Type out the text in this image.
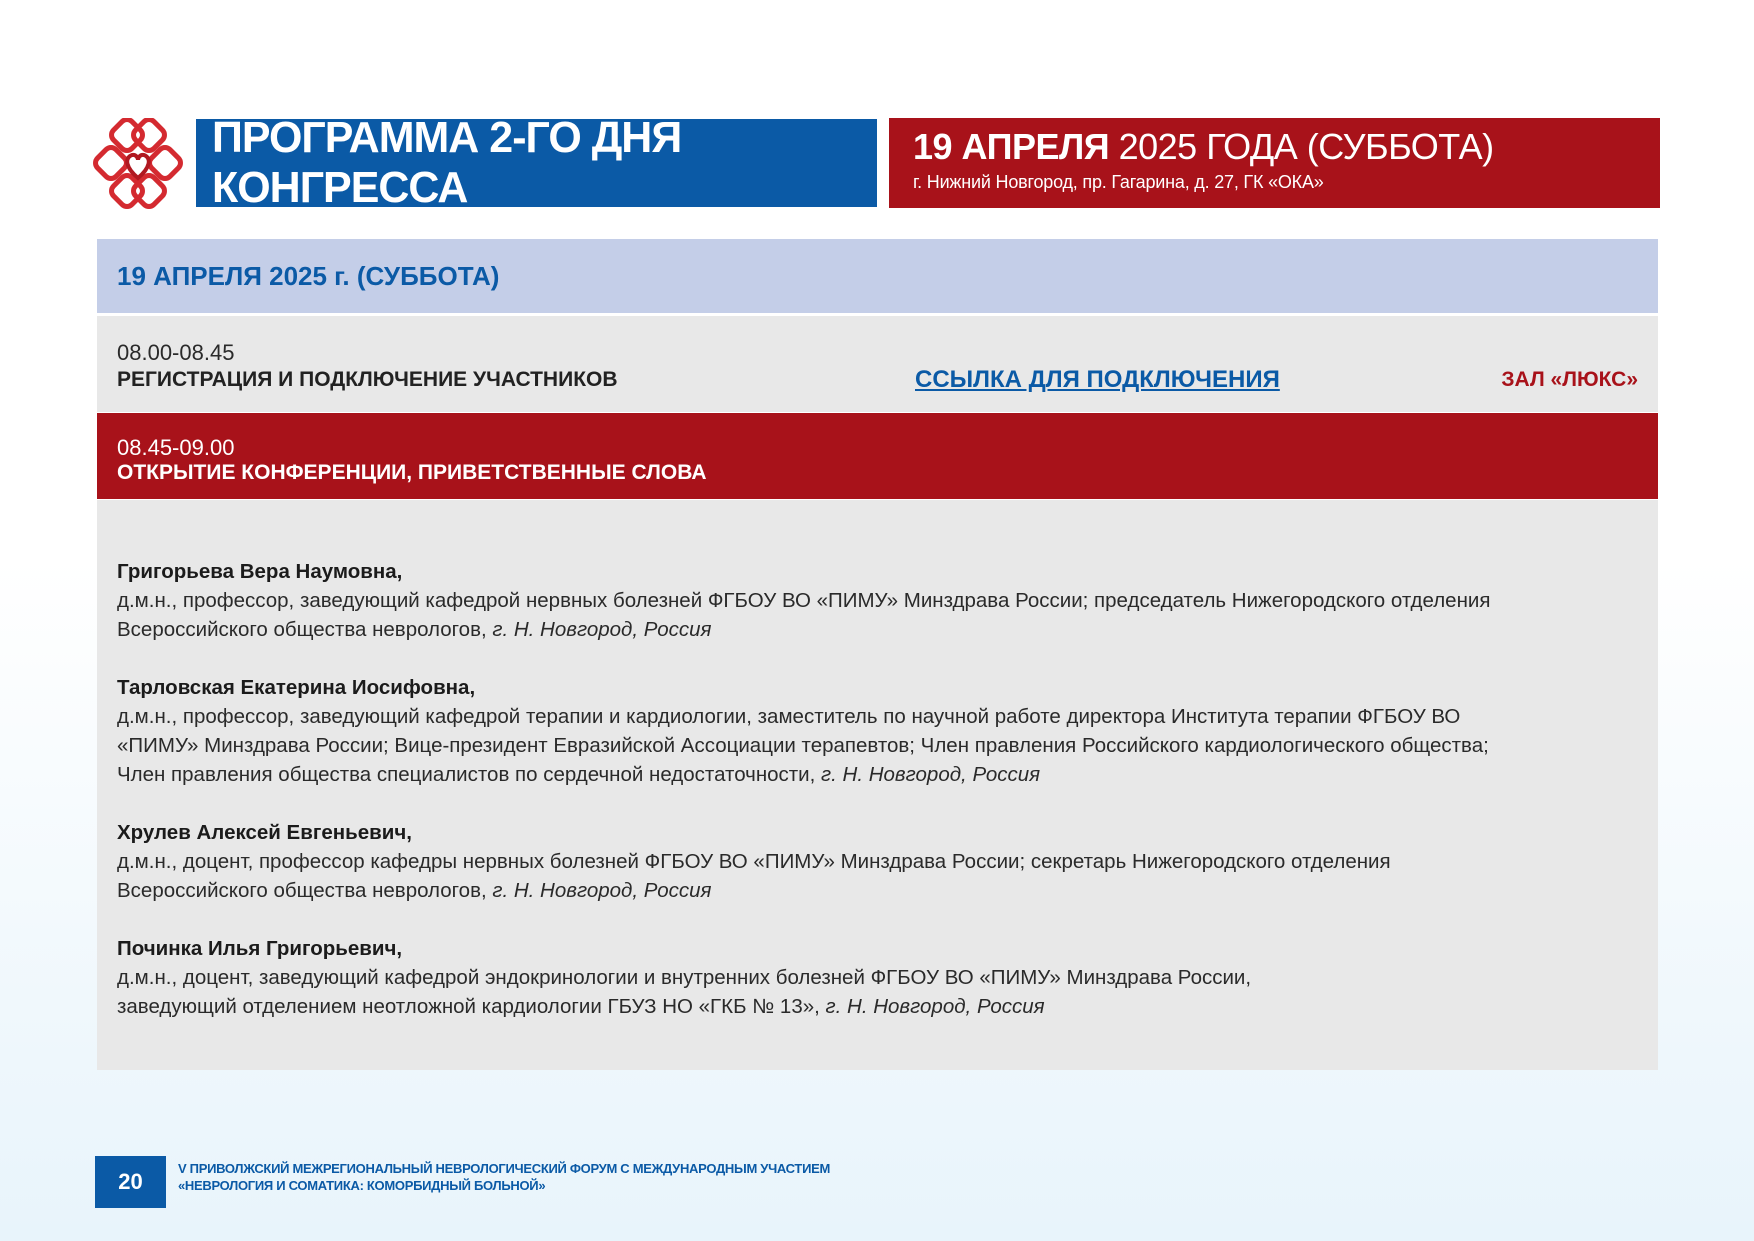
ПРОГРАММА 2-ГО ДНЯ КОНГРЕССА
19 АПРЕЛЯ 2025 ГОДА (СУББОТА)
г. Нижний Новгород, пр. Гагарина, д. 27, ГК «ОКА»
19 АПРЕЛЯ 2025 г. (СУББОТА)
08.00-08.45
РЕГИСТРАЦИЯ И ПОДКЛЮЧЕНИЕ УЧАСТНИКОВ	ССЫЛКА ДЛЯ ПОДКЛЮЧЕНИЯ	ЗАЛ «ЛЮКС»
08.45-09.00
ОТКРЫТИЕ КОНФЕРЕНЦИИ, ПРИВЕТСТВЕННЫЕ СЛОВА
Григорьева Вера Наумовна,
д.м.н., профессор, заведующий кафедрой нервных болезней ФГБОУ ВО «ПИМУ» Минздрава России; председатель Нижегородского отделения
Всероссийского общества неврологов, г. Н. Новгород, Россия
Тарловская Екатерина Иосифовна,
д.м.н., профессор, заведующий кафедрой терапии и кардиологии, заместитель по научной работе директора Института терапии ФГБОУ ВО
«ПИМУ» Минздрава России; Вице-президент Евразийской Ассоциации терапевтов; Член правления Российского кардиологического общества;
Член правления общества специалистов по сердечной недостаточности, г. Н. Новгород, Россия
Хрулев Алексей Евгеньевич,
д.м.н., доцент, профессор кафедры нервных болезней ФГБОУ ВО «ПИМУ» Минздрава России; секретарь Нижегородского отделения
Всероссийского общества неврологов, г. Н. Новгород, Россия
Починка Илья Григорьевич,
д.м.н., доцент, заведующий кафедрой эндокринологии и внутренних болезней ФГБОУ ВО «ПИМУ» Минздрава России,
заведующий отделением неотложной кардиологии ГБУЗ НО «ГКБ № 13», г. Н. Новгород, Россия
20
V ПРИВОЛЖСКИЙ МЕЖРЕГИОНАЛЬНЫЙ НЕВРОЛОГИЧЕСКИЙ ФОРУМ С МЕЖДУНАРОДНЫМ УЧАСТИЕМ
«НЕВРОЛОГИЯ И СОМАТИКА: КОМОРБИДНЫЙ БОЛЬНОЙ»
